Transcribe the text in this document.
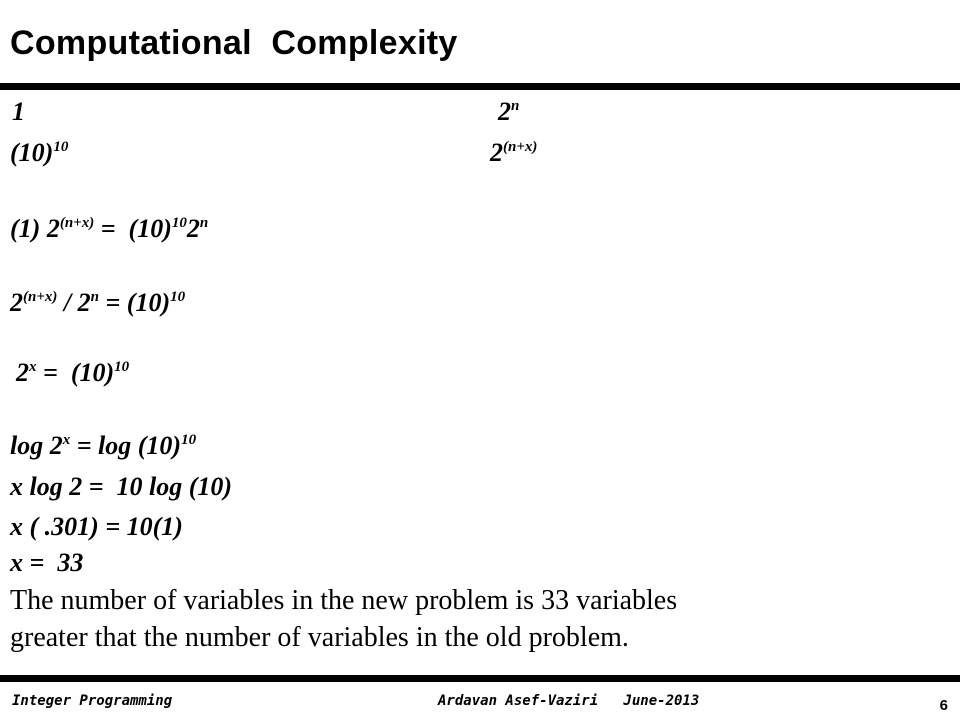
Computational  Complexity
1	2$^n$
$(10)^{10}$	$2^{(n+x)}$
(1) $2^{(n+x)} = (10)^{10}2^n$
$2^{(n+x)} / 2^n = (10)^{10}$
$2^x = (10)^{10}$
$\log 2^x = \log (10)^{10}$
x log 2 =  10 log (10)
x ( .301) = 10(1)
x =  33
The number of variables in the new problem is 33 variables
greater that the number of variables in the old problem.
Integer Programming	Ardavan Asef-Vaziri   June-2013	6
